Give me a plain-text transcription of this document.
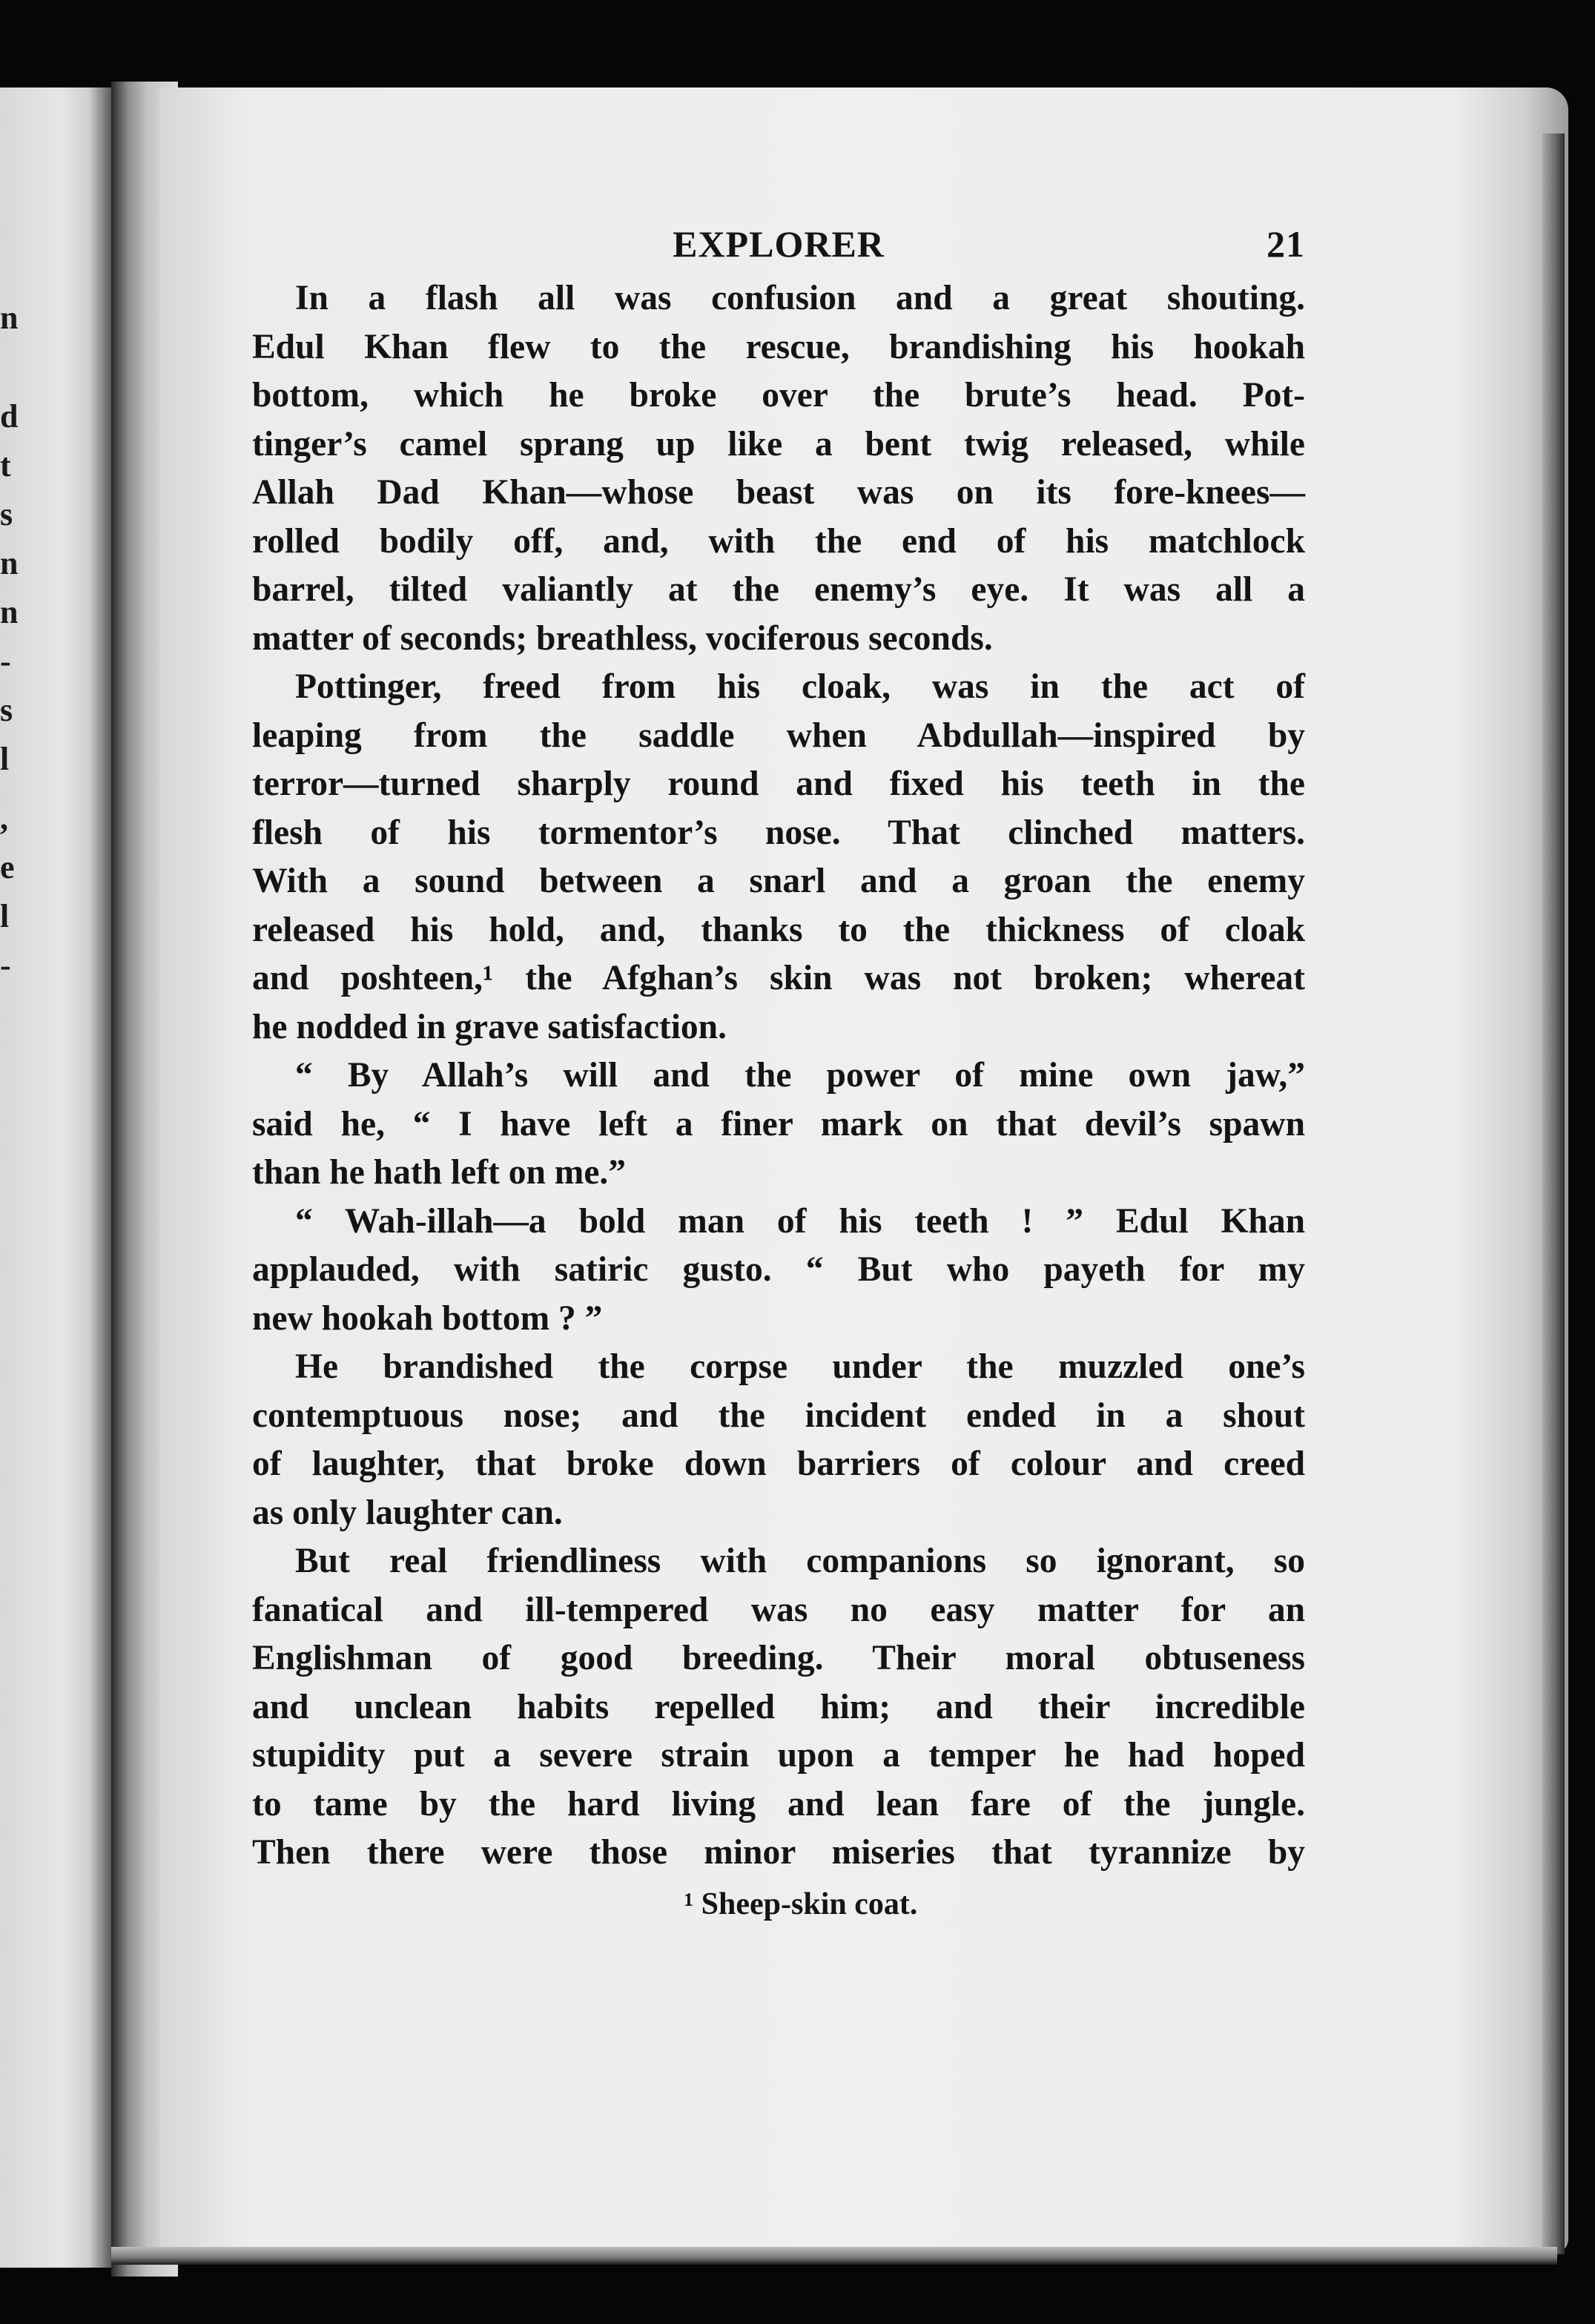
n
d
t
s
n
n
-
s
l
,
e
l
-
EXPLORER	21

In a flash all was confusion and a great shouting.
Edul Khan flew to the rescue, brandishing his hookah
bottom, which he broke over the brute’s head. Pot-
tinger’s camel sprang up like a bent twig released, while
Allah Dad Khan—whose beast was on its fore-knees—
rolled bodily off, and, with the end of his matchlock
barrel, tilted valiantly at the enemy’s eye. It was all a
matter of seconds; breathless, vociferous seconds.

Pottinger, freed from his cloak, was in the act of
leaping from the saddle when Abdullah—inspired by
terror—turned sharply round and fixed his teeth in the
flesh of his tormentor’s nose. That clinched matters.
With a sound between a snarl and a groan the enemy
released his hold, and, thanks to the thickness of cloak
and poshteen,¹ the Afghan’s skin was not broken; whereat
he nodded in grave satisfaction.

“ By Allah’s will and the power of mine own jaw,”
said he, “ I have left a finer mark on that devil’s spawn
than he hath left on me.”

“ Wah-illah—a bold man of his teeth ! ” Edul Khan
applauded, with satiric gusto. “ But who payeth for my
new hookah bottom ? ”

He brandished the corpse under the muzzled one’s
contemptuous nose; and the incident ended in a shout
of laughter, that broke down barriers of colour and creed
as only laughter can.

But real friendliness with companions so ignorant, so
fanatical and ill-tempered was no easy matter for an
Englishman of good breeding. Their moral obtuseness
and unclean habits repelled him; and their incredible
stupidity put a severe strain upon a temper he had hoped
to tame by the hard living and lean fare of the jungle.
Then there were those minor miseries that tyrannize by

¹ Sheep-skin coat.
